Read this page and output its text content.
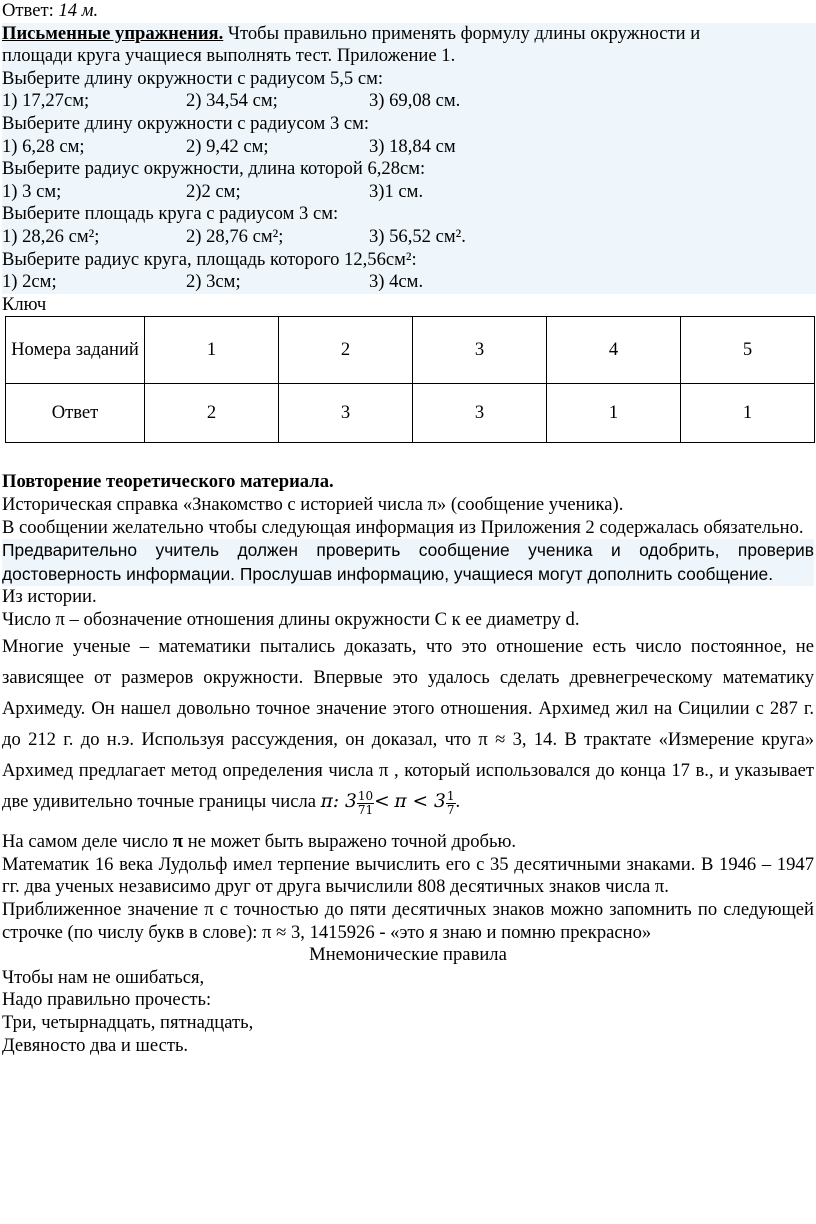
Ответ: 14 м.

Письменные упражнения. Чтобы правильно применять формулу длины окружности и

площади круга учащиеся выполнять тест. Приложение 1.

Выберите длину окружности с радиусом 5,5 см:

1) 17,27см;	2) 34,54 см;	3) 69,08 см.

Выберите длину окружности с радиусом 3 см:

1) 6,28 см;	2) 9,42 см;	3) 18,84 см

Выберите радиус окружности, длина которой 6,28см:

1) 3 см;	2)2 см;	3)1 см.

Выберите площадь круга с радиусом 3 см:

1) 28,26 см²;	2) 28,76 см²;	3) 56,52 см².

Выберите радиус круга, площадь которого 12,56см²:

1) 2см;	2) 3см;	3) 4см.

Ключ

Номера заданий	1	2	3	4	5
Ответ	2	3	3	1	1

Повторение теоретического материала.

Историческая справка «Знакомство с историей числа π» (сообщение ученика).

В сообщении желательно чтобы следующая информация из Приложения 2 содержалась обязательно.

Предварительно учитель должен проверить сообщение ученика и одобрить, проверив достоверность информации. Прослушав информацию, учащиеся могут дополнить сообщение.

Из истории.

Число π – обозначение отношения длины окружности C к ее диаметру d.

Многие ученые – математики пытались доказать, что это отношение есть число постоянное, не зависящее от размеров окружности. Впервые это удалось сделать древнегреческому математику Архимеду. Он нашел довольно точное значение этого отношения. Архимед жил на Сицилии с 287 г. до 212 г. до н.э. Используя рассуждения, он доказал, что π ≈ 3, 14. В трактате «Измерение круга» Архимед предлагает метод определения числа π , который использовался до конца 17 в., и указывает две удивительно точные границы числа π: $3 \frac{10}{71} < \pi < 3 \frac{1}{7}$ .

На самом деле число π не может быть выражено точной дробью.

Математик 16 века Лудольф имел терпение вычислить его с 35 десятичными знаками. В 1946 – 1947 гг. два ученых независимо друг от друга вычислили 808 десятичных знаков числа π.

Приближенное значение π с точностью до пяти десятичных знаков можно запомнить по следующей строчке (по числу букв в слове): π ≈ 3, 1415926 - «это я знаю и помню прекрасно»

Мнемонические правила

Чтобы нам не ошибаться,

Надо правильно прочесть:

Три, четырнадцать, пятнадцать,

Девяносто два и шесть.
